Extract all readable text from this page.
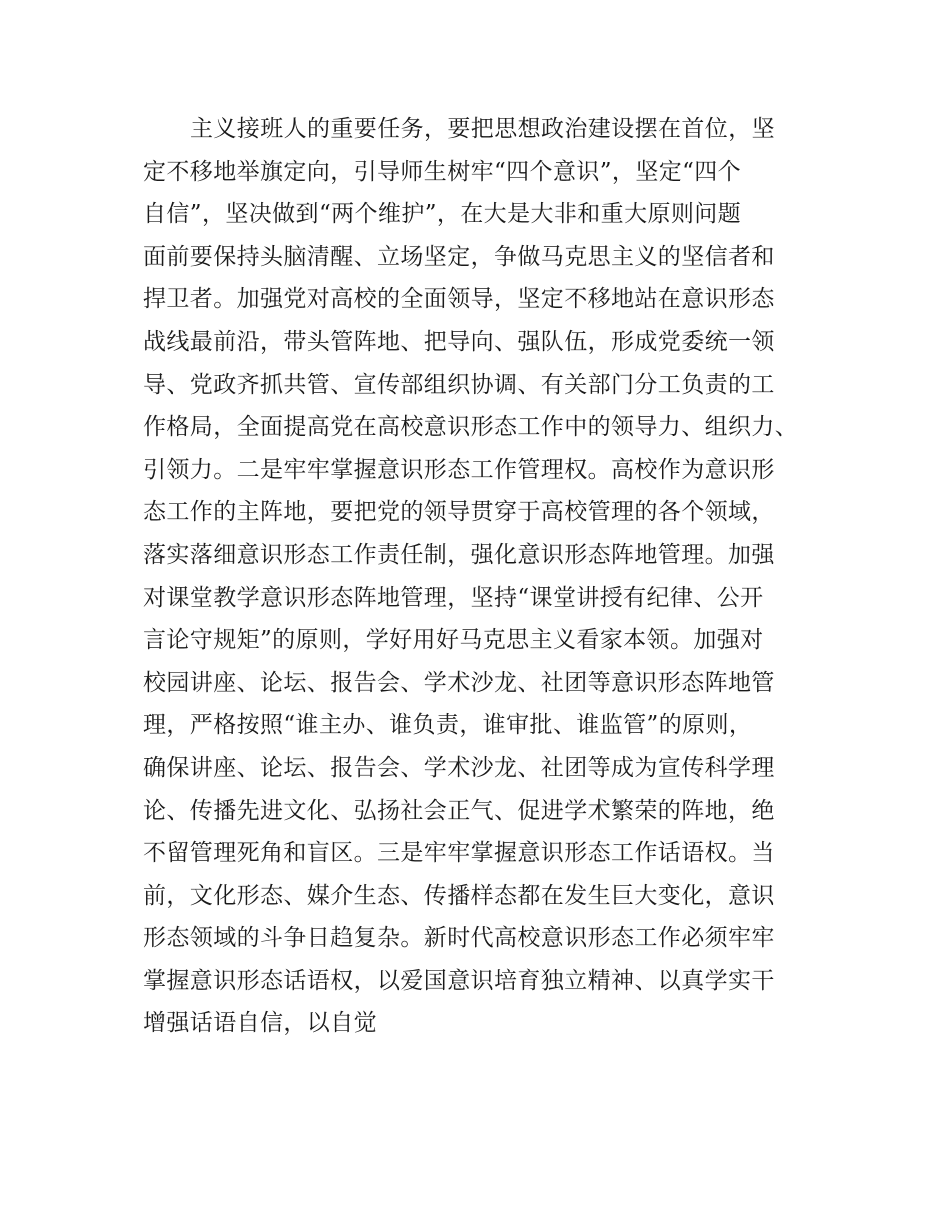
主义接班人的重要任务，要把思想政治建设摆在首位，坚
定不移地举旗定向，引导师生树牢“四个意识”，坚定“四个
自信”，坚决做到“两个维护”，在大是大非和重大原则问题
面前要保持头脑清醒、立场坚定，争做马克思主义的坚信者和
捍卫者。加强党对高校的全面领导，坚定不移地站在意识形态
战线最前沿，带头管阵地、把导向、强队伍，形成党委统一领
导、党政齐抓共管、宣传部组织协调、有关部门分工负责的工
作格局，全面提高党在高校意识形态工作中的领导力、组织力、
引领力。二是牢牢掌握意识形态工作管理权。高校作为意识形
态工作的主阵地，要把党的领导贯穿于高校管理的各个领域，
落实落细意识形态工作责任制，强化意识形态阵地管理。加强
对课堂教学意识形态阵地管理，坚持“课堂讲授有纪律、公开
言论守规矩”的原则，学好用好马克思主义看家本领。加强对
校园讲座、论坛、报告会、学术沙龙、社团等意识形态阵地管
理，严格按照“谁主办、谁负责，谁审批、谁监管”的原则，
确保讲座、论坛、报告会、学术沙龙、社团等成为宣传科学理
论、传播先进文化、弘扬社会正气、促进学术繁荣的阵地，绝
不留管理死角和盲区。三是牢牢掌握意识形态工作话语权。当
前，文化形态、媒介生态、传播样态都在发生巨大变化，意识
形态领域的斗争日趋复杂。新时代高校意识形态工作必须牢牢
掌握意识形态话语权，以爱国意识培育独立精神、以真学实干
增强话语自信，以自觉
